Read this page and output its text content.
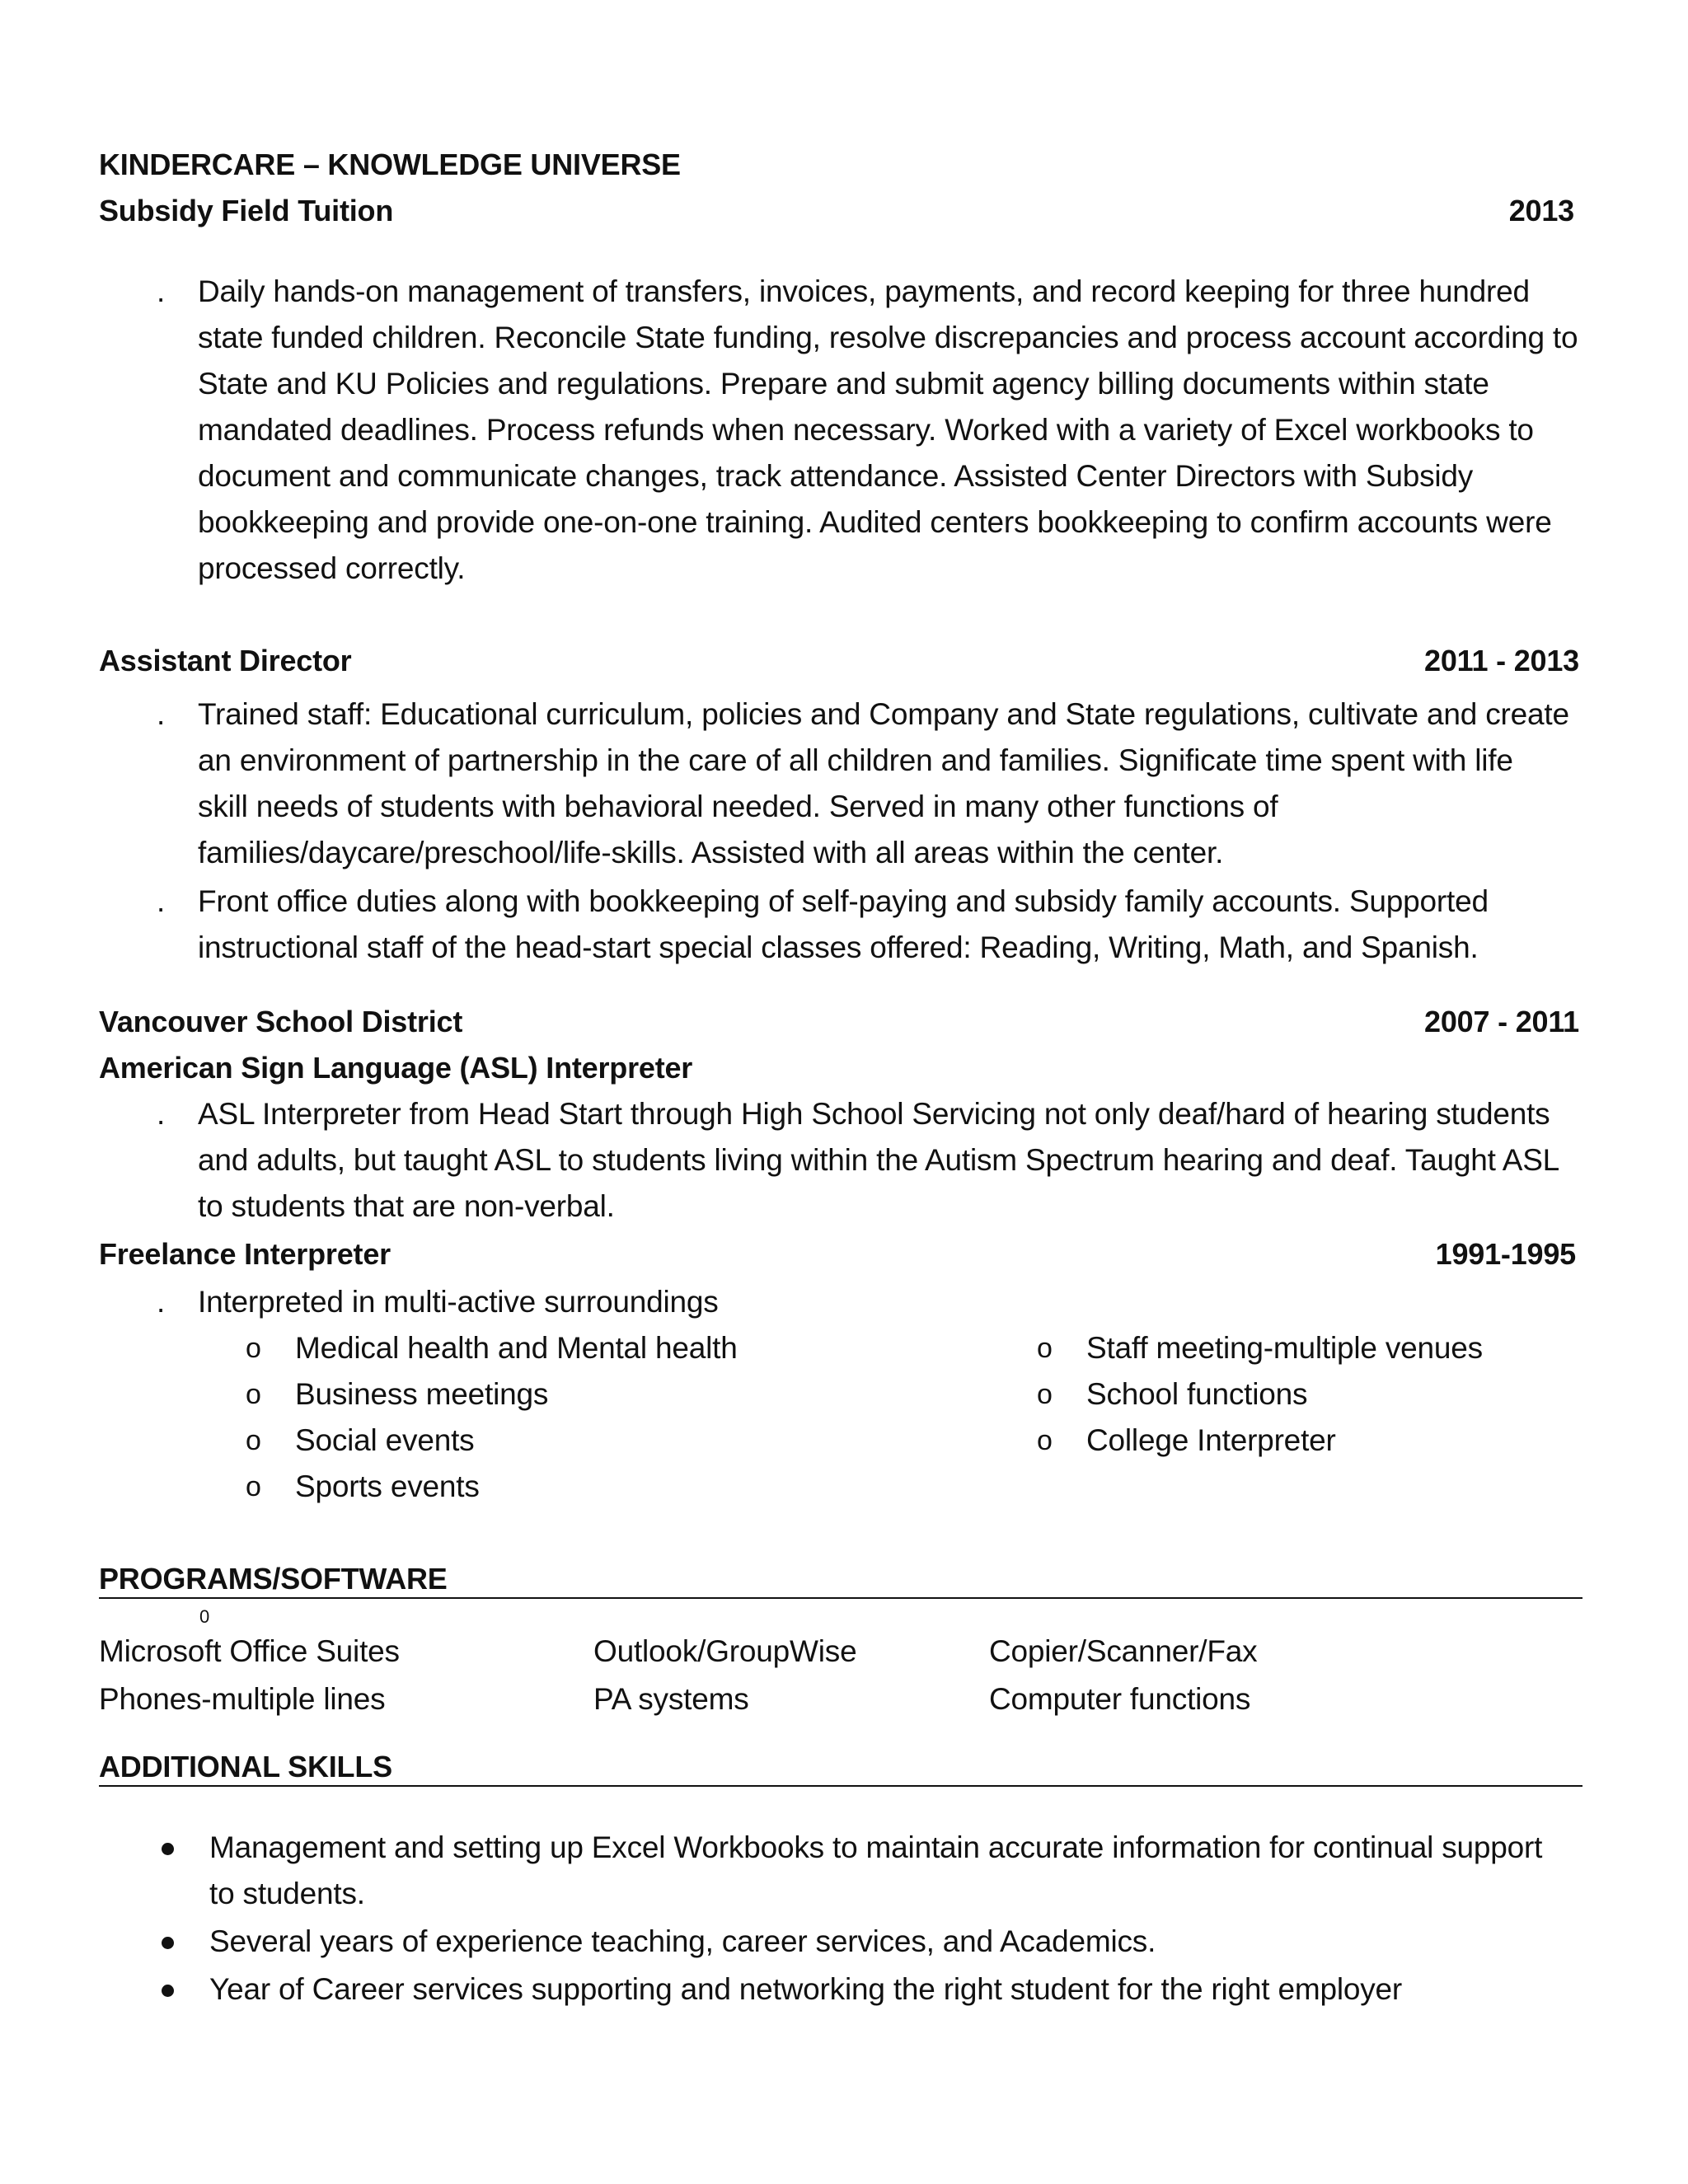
KINDERCARE – KNOWLEDGE UNIVERSE
Subsidy Field Tuition	2013
. Daily hands-on management of transfers, invoices, payments, and record keeping for three hundred
state funded children. Reconcile State funding, resolve discrepancies and process account according to
State and KU Policies and regulations. Prepare and submit agency billing documents within state
mandated deadlines. Process refunds when necessary. Worked with a variety of Excel workbooks to
document and communicate changes, track attendance. Assisted Center Directors with Subsidy
bookkeeping and provide one-on-one training. Audited centers bookkeeping to confirm accounts were
processed correctly.
Assistant Director	2011 - 2013
. Trained staff: Educational curriculum, policies and Company and State regulations, cultivate and create
an environment of partnership in the care of all children and families. Significate time spent with life
skill needs of students with behavioral needed. Served in many other functions of
families/daycare/preschool/life-skills. Assisted with all areas within the center.
. Front office duties along with bookkeeping of self-paying and subsidy family accounts. Supported
instructional staff of the head-start special classes offered: Reading, Writing, Math, and Spanish.
Vancouver School District	2007 - 2011
American Sign Language (ASL) Interpreter
. ASL Interpreter from Head Start through High School Servicing not only deaf/hard of hearing students
and adults, but taught ASL to students living within the Autism Spectrum hearing and deaf. Taught ASL
to students that are non-verbal.
Freelance Interpreter	1991-1995
. Interpreted in multi-active surroundings
o Medical health and Mental health
o Business meetings
o Social events
o Sports events
o Staff meeting-multiple venues
o School functions
o College Interpreter
PROGRAMS/SOFTWARE
0
Microsoft Office Suites	Outlook/GroupWise	Copier/Scanner/Fax
Phones-multiple lines	PA systems	Computer functions
ADDITIONAL SKILLS
Management and setting up Excel Workbooks to maintain accurate information for continual support
to students.
Several years of experience teaching, career services, and Academics.
Year of Career services supporting and networking the right student for the right employer
